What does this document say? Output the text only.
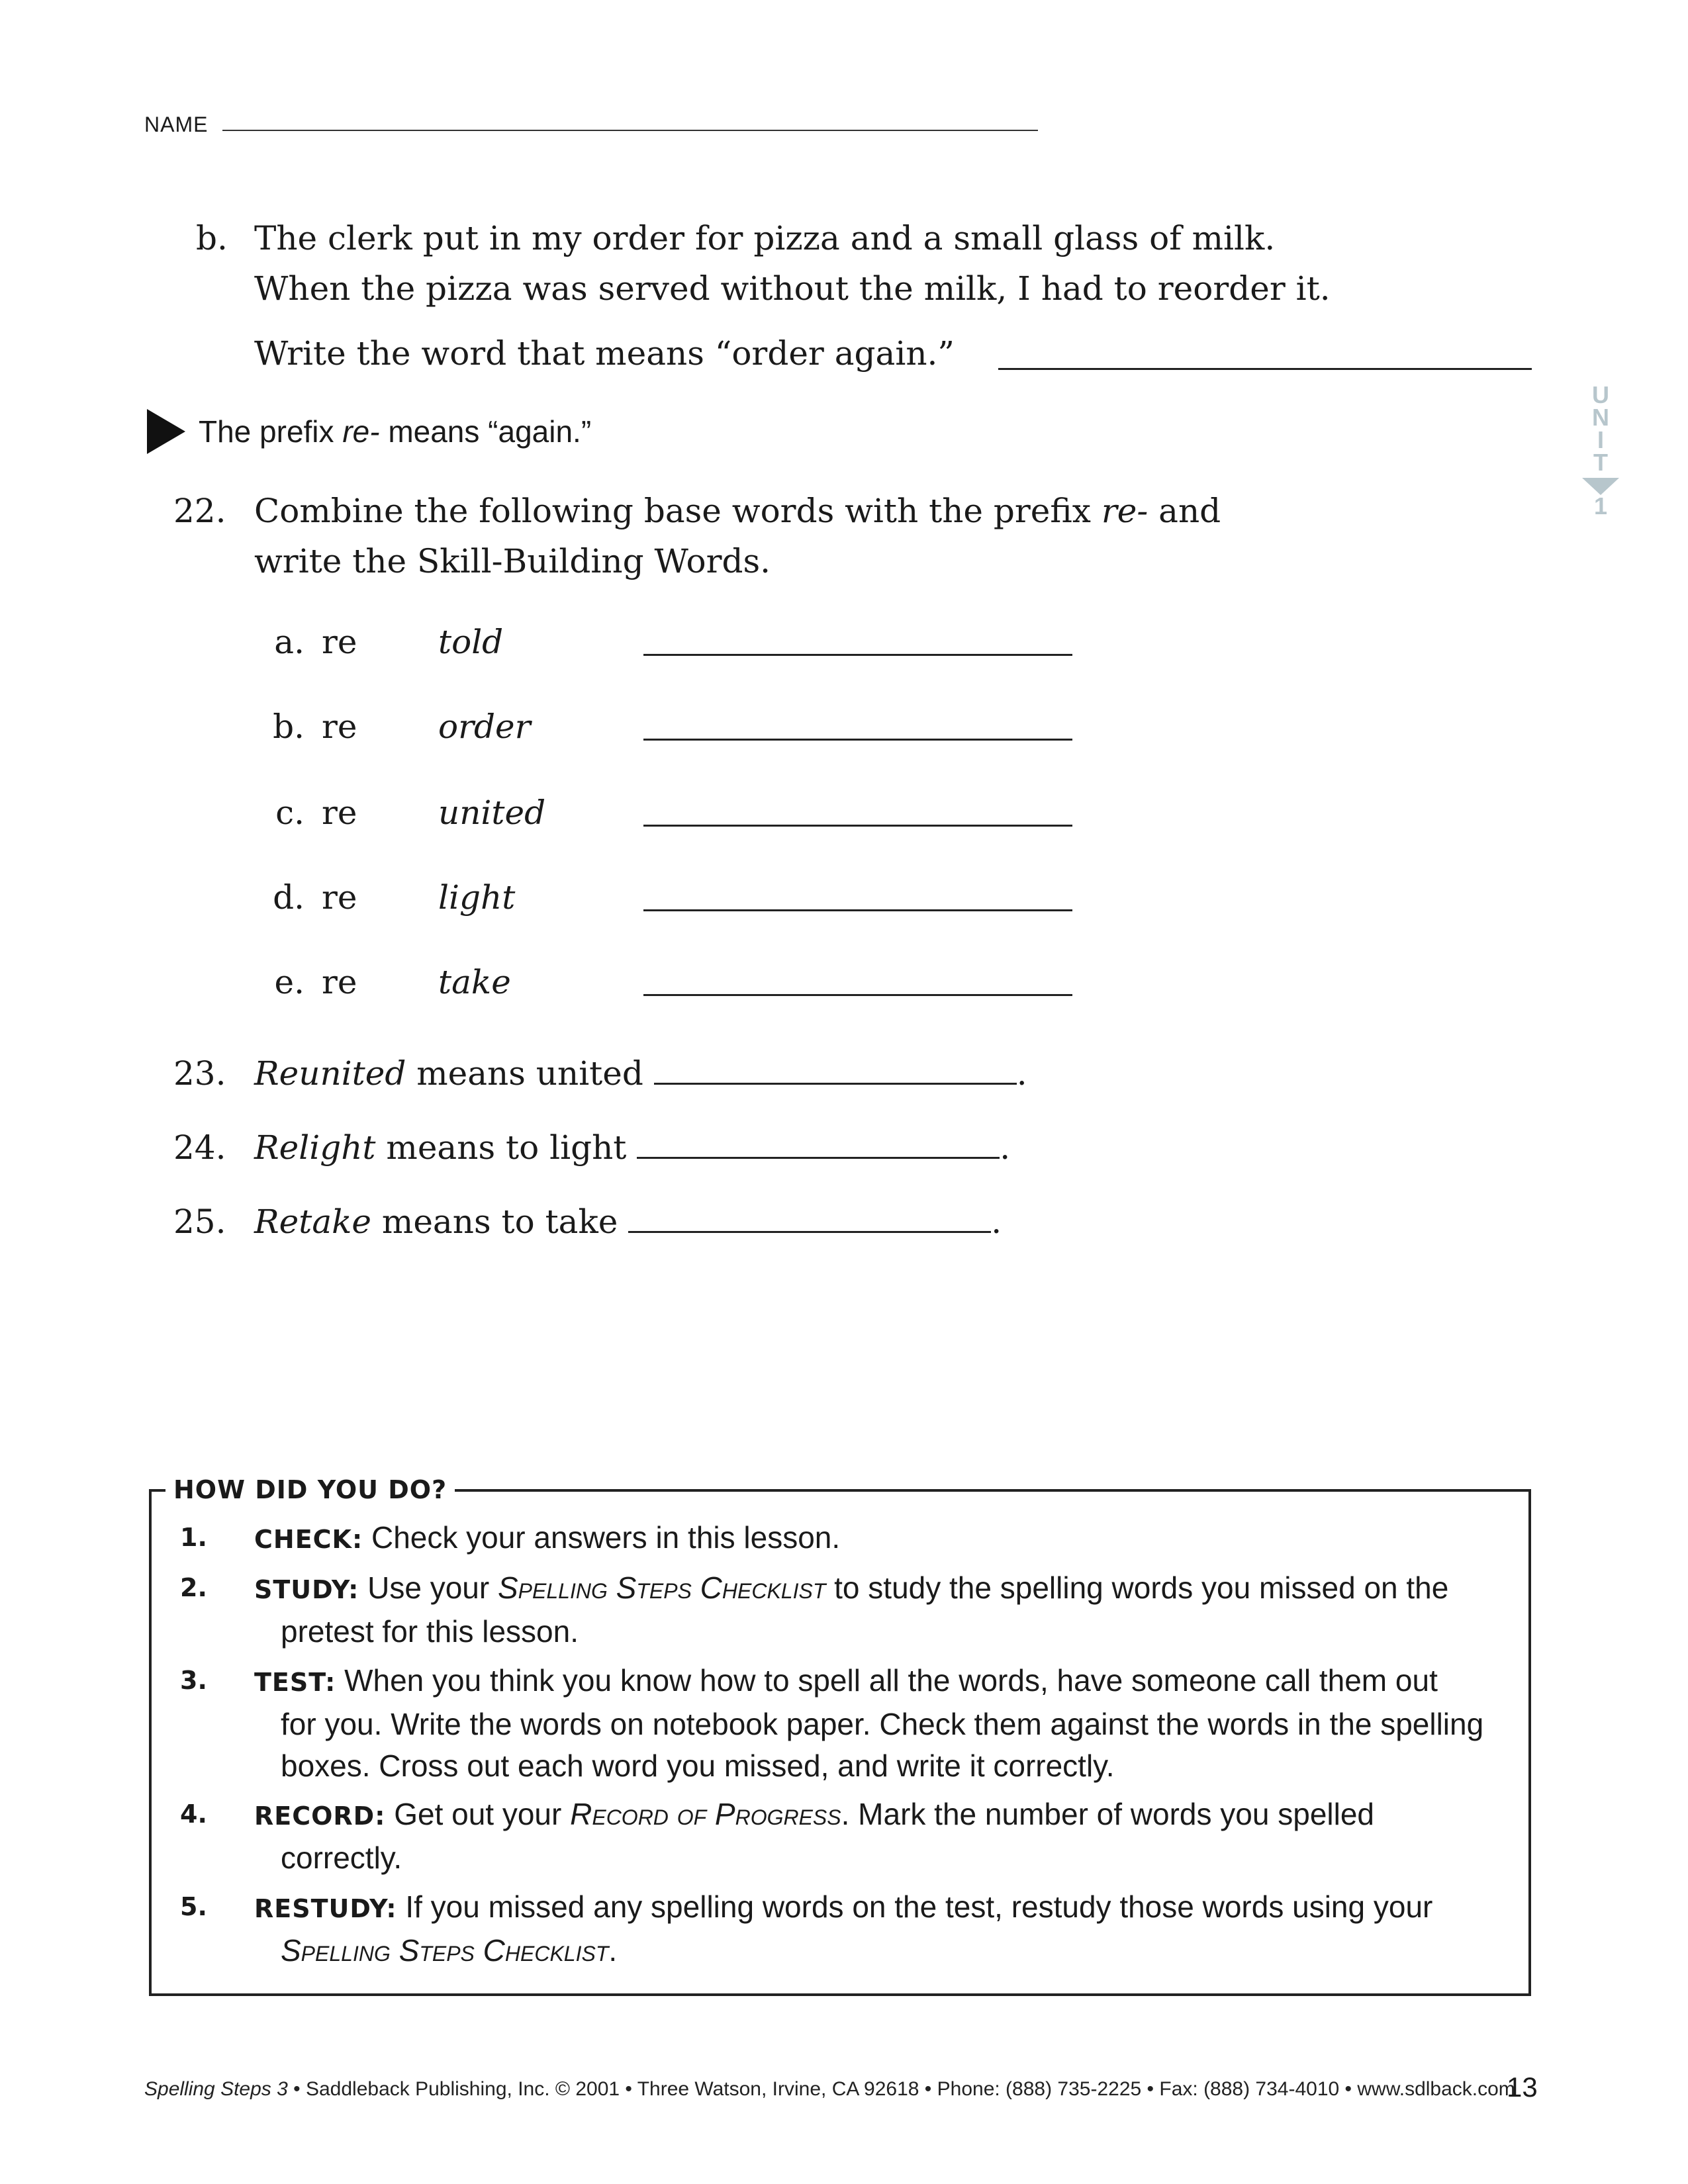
NAME
b. The clerk put in my order for pizza and a small glass of milk.
When the pizza was served without the milk, I had to reorder it.
Write the word that means “order again.”
The prefix re- means “again.”
U
N
I
T
1
22. Combine the following base words with the prefix re- and
write the Skill-Building Words.
a. re told
b. re order
c. re united
d. re light
e. re take
23. Reunited means united	.
24. Relight means to light	.
25. Retake means to take	.
HOW DID YOU DO?
1. CHECK: Check your answers in this lesson.
2. STUDY: Use your Spelling Steps Checklist to study the spelling words you missed on the
pretest for this lesson.
3. TEST: When you think you know how to spell all the words, have someone call them out
for you. Write the words on notebook paper. Check them against the words in the spelling
boxes. Cross out each word you missed, and write it correctly.
4. RECORD: Get out your Record of Progress. Mark the number of words you spelled
correctly.
5. RESTUDY: If you missed any spelling words on the test, restudy those words using your
Spelling Steps Checklist.
Spelling Steps 3 • Saddleback Publishing, Inc. © 2001 • Three Watson, Irvine, CA 92618 • Phone: (888) 735-2225 • Fax: (888) 734-4010 • www.sdlback.com
13
